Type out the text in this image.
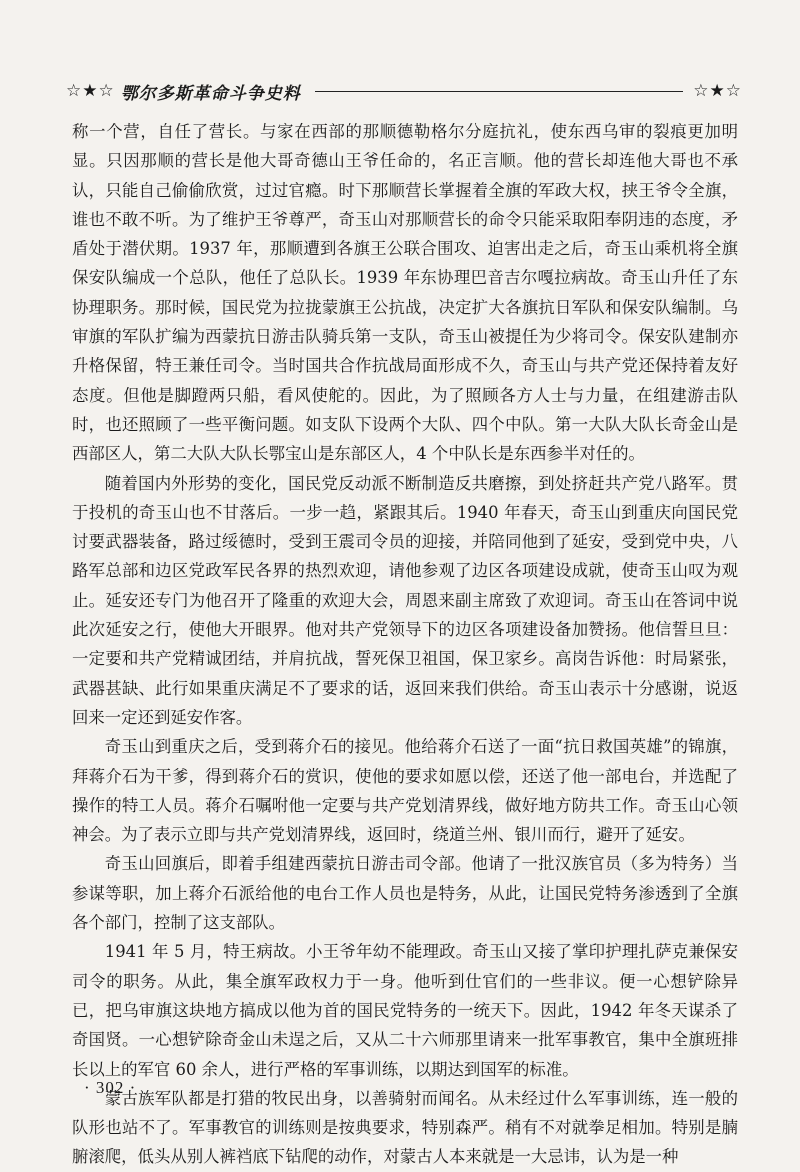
☆★☆ 鄂尔多斯革命斗争史料	☆★☆

称一个营，自任了营长。与家在西部的那顺德勒格尔分庭抗礼，使东西乌审的裂痕更加明显。只因那顺的营长是他大哥奇德山王爷任命的，名正言顺。他的营长却连他大哥也不承认，只能自己偷偷欣赏，过过官瘾。时下那顺营长掌握着全旗的军政大权，挟王爷令全旗，谁也不敢不听。为了维护王爷尊严，奇玉山对那顺营长的命令只能采取阳奉阴违的态度，矛盾处于潜伏期。1937 年，那顺遭到各旗王公联合围攻、迫害出走之后，奇玉山乘机将全旗保安队编成一个总队，他任了总队长。1939 年东协理巴音吉尔嘎拉病故。奇玉山升任了东协理职务。那时候，国民党为拉拢蒙旗王公抗战，决定扩大各旗抗日军队和保安队编制。乌审旗的军队扩编为西蒙抗日游击队骑兵第一支队，奇玉山被提任为少将司令。保安队建制亦升格保留，特王兼任司令。当时国共合作抗战局面形成不久，奇玉山与共产党还保持着友好态度。但他是脚蹬两只船，看风使舵的。因此，为了照顾各方人士与力量，在组建游击队时，也还照顾了一些平衡问题。如支队下设两个大队、四个中队。第一大队大队长奇金山是西部区人，第二大队大队长鄂宝山是东部区人，4 个中队长是东西参半对任的。

随着国内外形势的变化，国民党反动派不断制造反共磨擦，到处挤赶共产党八路军。贯于投机的奇玉山也不甘落后。一步一趋，紧跟其后。1940 年春天，奇玉山到重庆向国民党讨要武器装备，路过绥德时，受到王震司令员的迎接，并陪同他到了延安，受到党中央，八路军总部和边区党政军民各界的热烈欢迎，请他参观了边区各项建设成就，使奇玉山叹为观止。延安还专门为他召开了隆重的欢迎大会，周恩来副主席致了欢迎词。奇玉山在答词中说此次延安之行，使他大开眼界。他对共产党领导下的边区各项建设备加赞扬。他信誓旦旦：一定要和共产党精诚团结，并肩抗战，誓死保卫祖国，保卫家乡。高岗告诉他：时局紧张，武器甚缺、此行如果重庆满足不了要求的话，返回来我们供给。奇玉山表示十分感谢，说返回来一定还到延安作客。

奇玉山到重庆之后，受到蒋介石的接见。他给蒋介石送了一面“抗日救国英雄”的锦旗，拜蒋介石为干爹，得到蒋介石的赏识，使他的要求如愿以偿，还送了他一部电台，并选配了操作的特工人员。蒋介石嘱咐他一定要与共产党划清界线，做好地方防共工作。奇玉山心领神会。为了表示立即与共产党划清界线，返回时，绕道兰州、银川而行，避开了延安。

奇玉山回旗后，即着手组建西蒙抗日游击司令部。他请了一批汉族官员（多为特务）当参谋等职，加上蒋介石派给他的电台工作人员也是特务，从此，让国民党特务渗透到了全旗各个部门，控制了这支部队。

1941 年 5 月，特王病故。小王爷年幼不能理政。奇玉山又接了掌印护理扎萨克兼保安司令的职务。从此，集全旗军政权力于一身。他听到仕官们的一些非议。便一心想铲除异已，把乌审旗这块地方搞成以他为首的国民党特务的一统天下。因此，1942 年冬天谋杀了奇国贤。一心想铲除奇金山未逞之后，又从二十六师那里请来一批军事教官，集中全旗班排长以上的军官 60 余人，进行严格的军事训练，以期达到国军的标准。

蒙古族军队都是打猎的牧民出身，以善骑射而闻名。从未经过什么军事训练，连一般的队形也站不了。军事教官的训练则是按典要求，特别森严。稍有不对就拳足相加。特别是腩腑滚爬，低头从别人裤裆底下钻爬的动作，对蒙古人本来就是一大忌讳，认为是一种

· 302 ·
